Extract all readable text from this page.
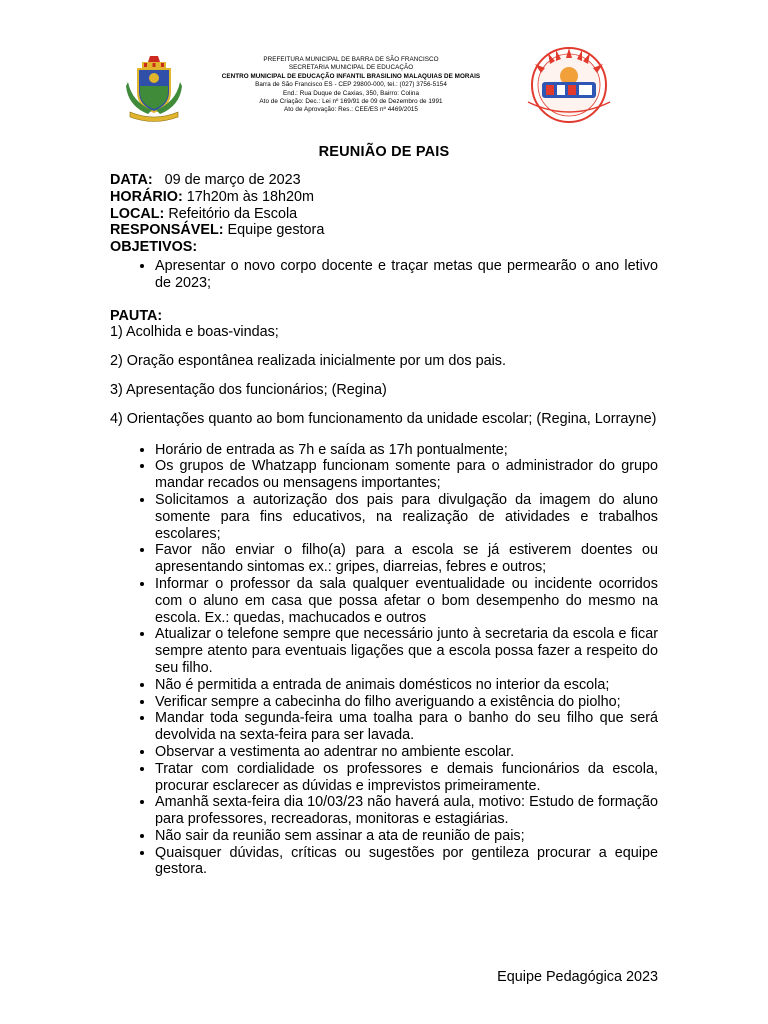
PREFEITURA MUNICIPAL DE BARRA DE SÃO FRANCISCO
SECRETARIA MUNICIPAL DE EDUCAÇÃO
CENTRO MUNICIPAL DE EDUCAÇÃO INFANTIL BRASILINO MALAQUIAS DE MORAIS
Barra de São Francisco ES - CEP 29800-000, tel.: (027) 3756-5154
End.: Rua Duque de Caxias, 350, Bairro: Colina
Ato de Criação: Dec.: Lei nº 169/91 de 09 de Dezembro de 1991
Ato de Aprovação: Res.: CEE/ES nº 4469/2015
REUNIÃO DE PAIS
DATA: 09 de março de 2023
HORÁRIO: 17h20m às 18h20m
LOCAL: Refeitório da Escola
RESPONSÁVEL: Equipe gestora
OBJETIVOS:
• Apresentar o novo corpo docente e traçar metas que permearão o ano letivo de 2023;
PAUTA:
1) Acolhida e boas-vindas;
2) Oração espontânea realizada inicialmente por um dos pais.
3) Apresentação dos funcionários; (Regina)
4) Orientações quanto ao bom funcionamento da unidade escolar; (Regina, Lorrayne)
• Horário de entrada as 7h e saída as 17h pontualmente;
• Os grupos de Whatzapp funcionam somente para o administrador do grupo mandar recados ou mensagens importantes;
• Solicitamos a autorização dos pais para divulgação da imagem do aluno somente para fins educativos, na realização de atividades e trabalhos escolares;
• Favor não enviar o filho(a) para a escola se já estiverem doentes ou apresentando sintomas ex.: gripes, diarreias, febres e outros;
• Informar o professor da sala qualquer eventualidade ou incidente ocorridos com o aluno em casa que possa afetar o bom desempenho do mesmo na escola. Ex.: quedas, machucados e outros
• Atualizar o telefone sempre que necessário junto à secretaria da escola e ficar sempre atento para eventuais ligações que a escola possa fazer a respeito do seu filho.
• Não é permitida a entrada de animais domésticos no interior da escola;
• Verificar sempre a cabecinha do filho averiguando a existência do piolho;
• Mandar toda segunda-feira uma toalha para o banho do seu filho que será devolvida na sexta-feira para ser lavada.
• Observar a vestimenta ao adentrar no ambiente escolar.
• Tratar com cordialidade os professores e demais funcionários da escola, procurar esclarecer as dúvidas e imprevistos primeiramente.
• Amanhã sexta-feira dia 10/03/23 não haverá aula, motivo: Estudo de formação para professores, recreadoras, monitoras e estagiárias.
• Não sair da reunião sem assinar a ata de reunião de pais;
• Quaisquer dúvidas, críticas ou sugestões por gentileza procurar a equipe gestora.
Equipe Pedagógica 2023
